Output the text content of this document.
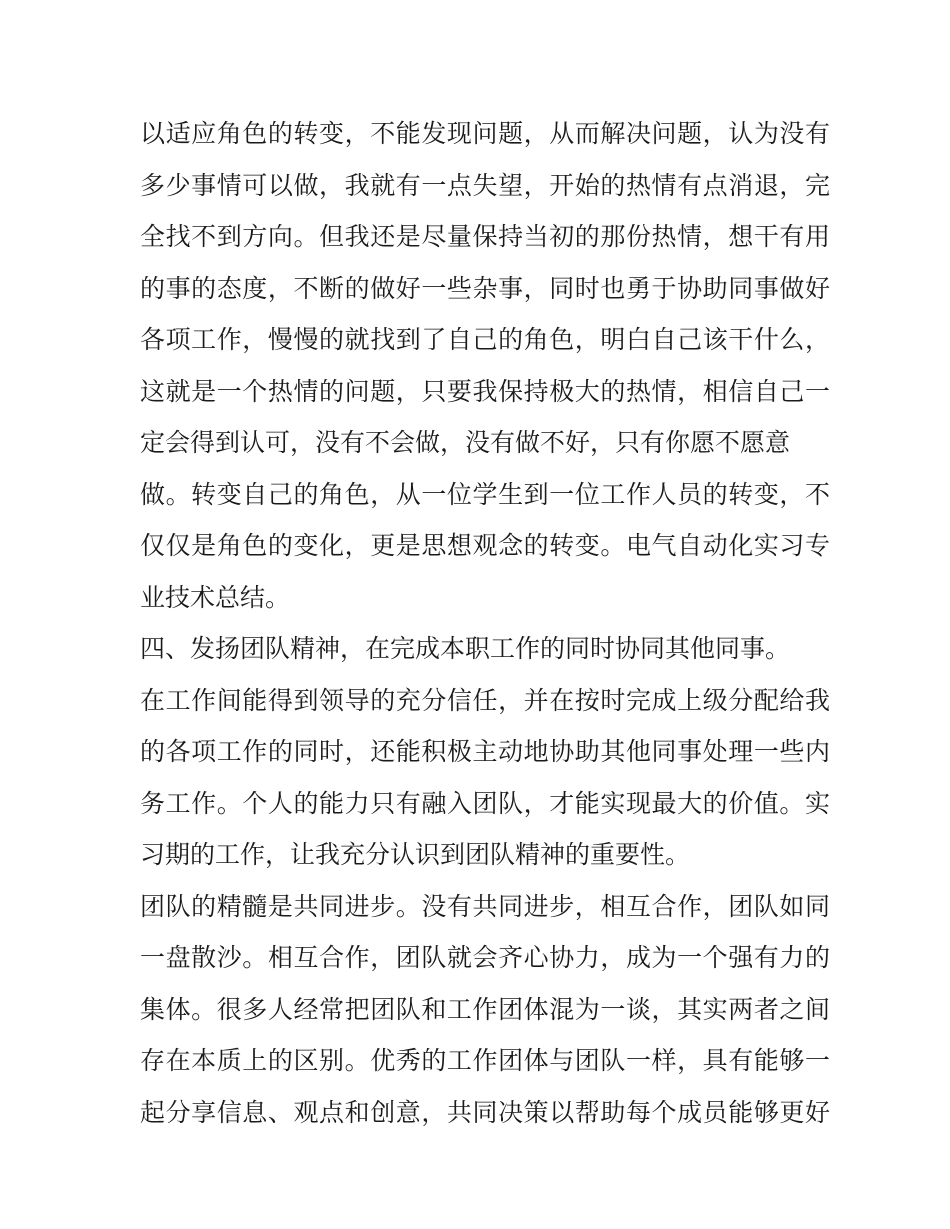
以适应角色的转变，不能发现问题，从而解决问题，认为没有
多少事情可以做，我就有一点失望，开始的热情有点消退，完
全找不到方向。但我还是尽量保持当初的那份热情，想干有用
的事的态度，不断的做好一些杂事，同时也勇于协助同事做好
各项工作，慢慢的就找到了自己的角色，明白自己该干什么，
这就是一个热情的问题，只要我保持极大的热情，相信自己一
定会得到认可，没有不会做，没有做不好，只有你愿不愿意
做。转变自己的角色，从一位学生到一位工作人员的转变，不
仅仅是角色的变化，更是思想观念的转变。电气自动化实习专
业技术总结。
四、发扬团队精神，在完成本职工作的同时协同其他同事。
在工作间能得到领导的充分信任，并在按时完成上级分配给我
的各项工作的同时，还能积极主动地协助其他同事处理一些内
务工作。个人的能力只有融入团队，才能实现最大的价值。实
习期的工作，让我充分认识到团队精神的重要性。
团队的精髓是共同进步。没有共同进步，相互合作，团队如同
一盘散沙。相互合作，团队就会齐心协力，成为一个强有力的
集体。很多人经常把团队和工作团体混为一谈，其实两者之间
存在本质上的区别。优秀的工作团体与团队一样，具有能够一
起分享信息、观点和创意，共同决策以帮助每个成员能够更好
